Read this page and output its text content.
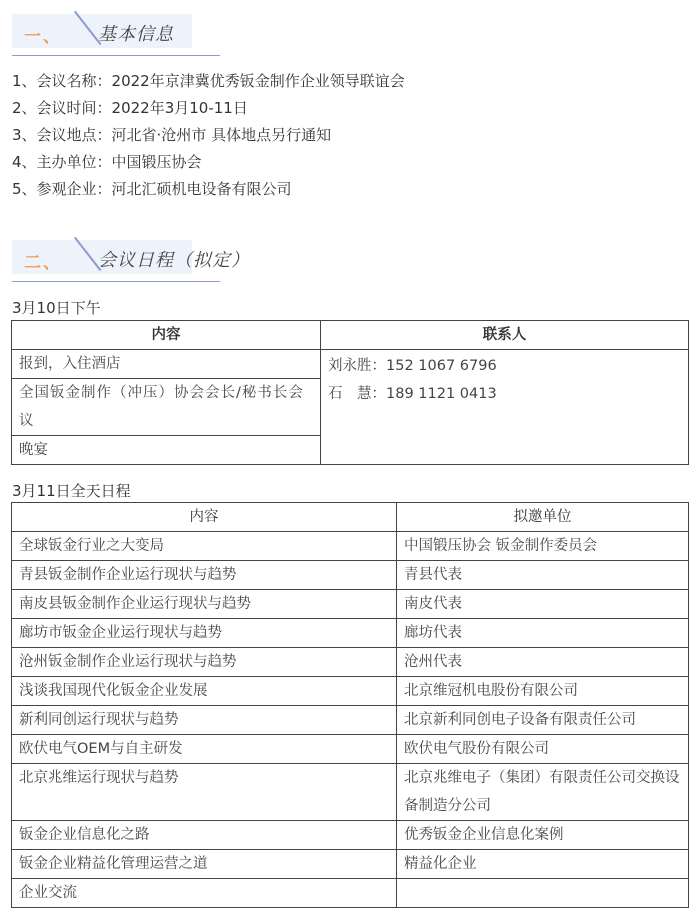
一、 基本信息
1、会议名称：2022年京津冀优秀钣金制作企业领导联谊会
2、会议时间：2022年3月10-11日
3、会议地点：河北省·沧州市 具体地点另行通知
4、主办单位：中国锻压协会
5、参观企业：河北汇硕机电设备有限公司
二、 会议日程（拟定）
3月10日下午
内容	联系人
报到，入住酒店	刘永胜：152 1067 6796
石　慧：189 1121 0413

全国钣金制作（冲压）协会会长/秘书长会议	
晚宴	
3月11日全天日程
内容	拟邀单位
全球钣金行业之大变局	中国锻压协会 钣金制作委员会
青县钣金制作企业运行现状与趋势	青县代表
南皮县钣金制作企业运行现状与趋势	南皮代表
廊坊市钣金企业运行现状与趋势	廊坊代表
沧州钣金制作企业运行现状与趋势	沧州代表
浅谈我国现代化钣金企业发展	北京维冠机电股份有限公司
新利同创运行现状与趋势	北京新利同创电子设备有限责任公司
欧伏电气OEM与自主研发	欧伏电气股份有限公司
北京兆维运行现状与趋势	北京兆维电子（集团）有限责任公司交换设备制造分公司
钣金企业信息化之路	优秀钣金企业信息化案例
钣金企业精益化管理运营之道	精益化企业
企业交流	
